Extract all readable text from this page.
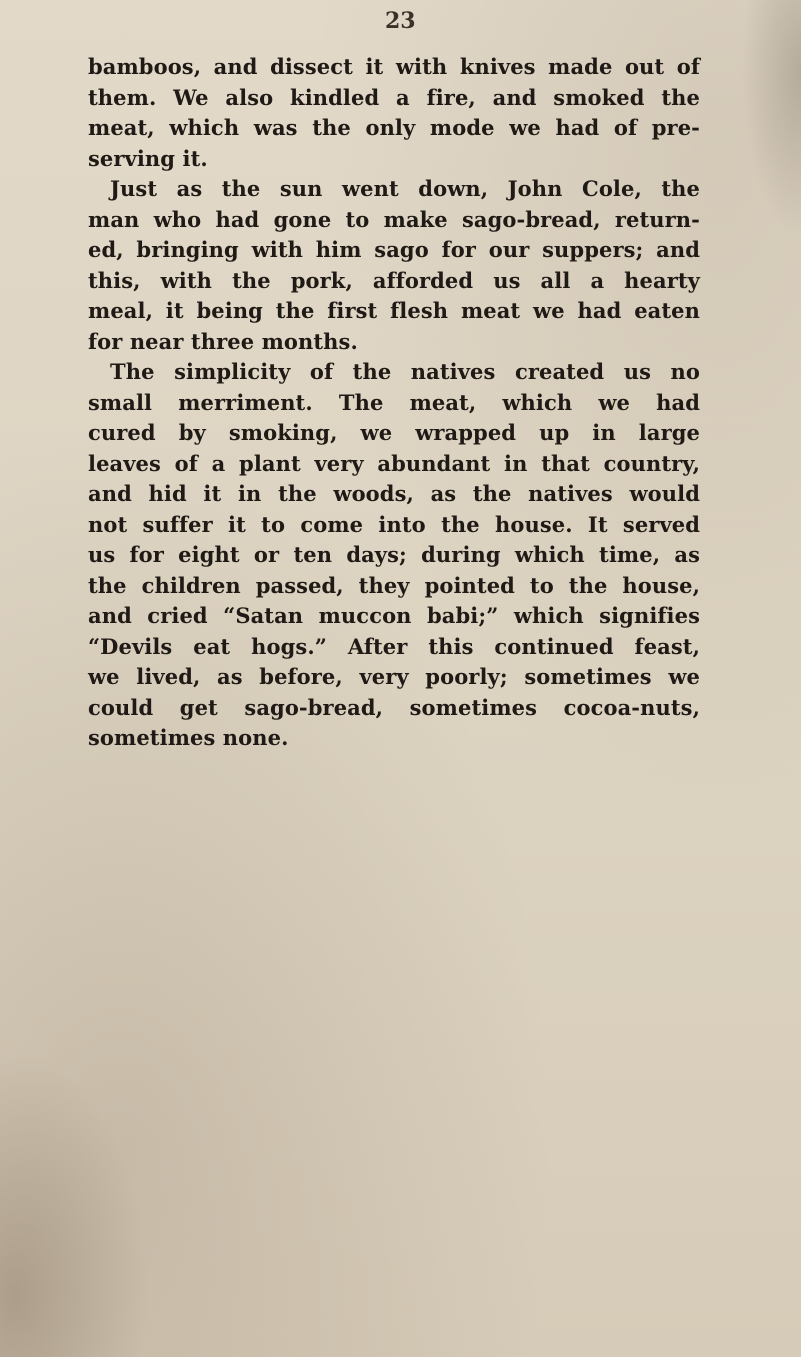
23
bamboos, and dissect it with knives made out of
them. We also kindled a fire, and smoked the
meat, which was the only mode we had of pre-
serving it.
Just as the sun went down, John Cole, the
man who had gone to make sago-bread, return-
ed, bringing with him sago for our suppers; and
this, with the pork, afforded us all a hearty
meal, it being the first flesh meat we had eaten
for near three months.
The simplicity of the natives created us no
small merriment. The meat, which we had
cured by smoking, we wrapped up in large
leaves of a plant very abundant in that country,
and hid it in the woods, as the natives would
not suffer it to come into the house. It served
us for eight or ten days; during which time, as
the children passed, they pointed to the house,
and cried “Satan muccon babi;” which signifies
“Devils eat hogs.” After this continued feast,
we lived, as before, very poorly; sometimes we
could get sago-bread, sometimes cocoa-nuts,
sometimes none.
